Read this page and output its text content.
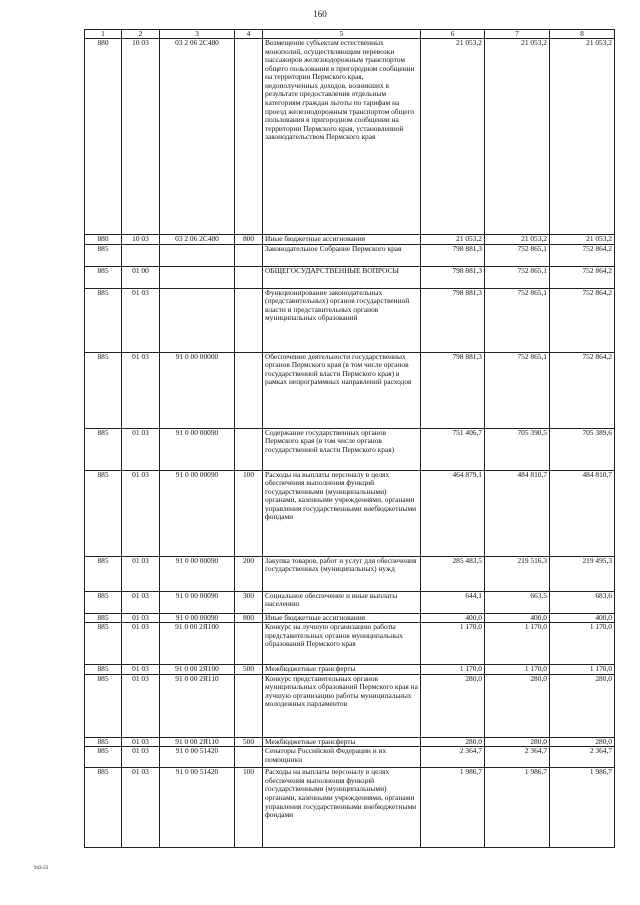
160
1	2	3	4	5	6	7	8
880	10 03	03 2 06 2С480		Возмещение субъектам естественных монополий, осуществляющим перевозки пассажиров железнодорожным транспортом общего пользования в пригородном сообщении на территории Пермского края, недополученных доходов, возникших в результате предоставления отдельным категориям граждан льготы по тарифам на проезд железнодорожным транспортом общего пользования в пригородном сообщении на территории Пермского края, установленной законодательством Пермского края	21 053,2	21 053,2	21 053,2
880	10 03	03 2 06 2С480	800	Иные бюджетные ассигнования	21 053,2	21 053,2	21 053,2
885				Законодательное Собрание Пермского края	798 881,3	752 865,1	752 864,2
885	01 00			ОБЩЕГОСУДАРСТВЕННЫЕ ВОПРОСЫ	798 881,3	752 865,1	752 864,2
885	01 03			Функционирование законодательных (представительных) органов государственной власти и представительных органов муниципальных образований	798 881,3	752 865,1	752 864,2
885	01 03	91 0 00 00000		Обеспечение деятельности государственных органов Пермского края (в том числе органов государственной власти Пермского края) в рамках непрограммных направлений расходов	798 881,3	752 865,1	752 864,2
885	01 03	91 0 00 00090		Содержание государственных органов Пермского края (в том числе органов государственной власти Пермского края)	751 406,7	705 390,5	705 389,6
885	01 03	91 0 00 00090	100	Расходы на выплаты персоналу в целях обеспечения выполнения функций государственными (муниципальными) органами, казенными учреждениями, органами управления государственными внебюджетными фондами	464 879,1	484 810,7	484 810,7
885	01 03	91 0 00 00090	200	Закупка товаров, работ и услуг для обеспечения государственных (муниципальных) нужд	285 483,5	219 516,3	219 495,3
885	01 03	91 0 00 00090	300	Социальное обеспечение и иные выплаты населению	644,1	663,5	683,6
885	01 03	91 0 00 00090	800	Иные бюджетные ассигнования	400,0	400,0	400,0
885	01 03	91 0 00 2Я100		Конкурс на лучшую организацию работы представительных органов муниципальных образований Пермского края	1 170,0	1 170,0	1 170,0
885	01 03	91 0 00 2Я100	500	Межбюджетные трансферты	1 170,0	1 170,0	1 170,0
885	01 03	91 0 00 2Я110		Конкурс представительных органов муниципальных образований Пермского края на лучшую организацию работы муниципальных молодежных парламентов	280,0	280,0	280,0
885	01 03	91 0 00 2Я110	500	Межбюджетные трансферты	280,0	280,0	280,0
885	01 03	91 0 00 51420		Сенаторы Российской Федерации и их помощники	2 364,7	2 364,7	2 364,7
885	01 03	91 0 00 51420	100	Расходы на выплаты персоналу в целях обеспечения выполнения функций государственными (муниципальными) органами, казенными учреждениями, органами управления государственными внебюджетными фондами	1 986,7	1 986,7	1 986,7
943-23
